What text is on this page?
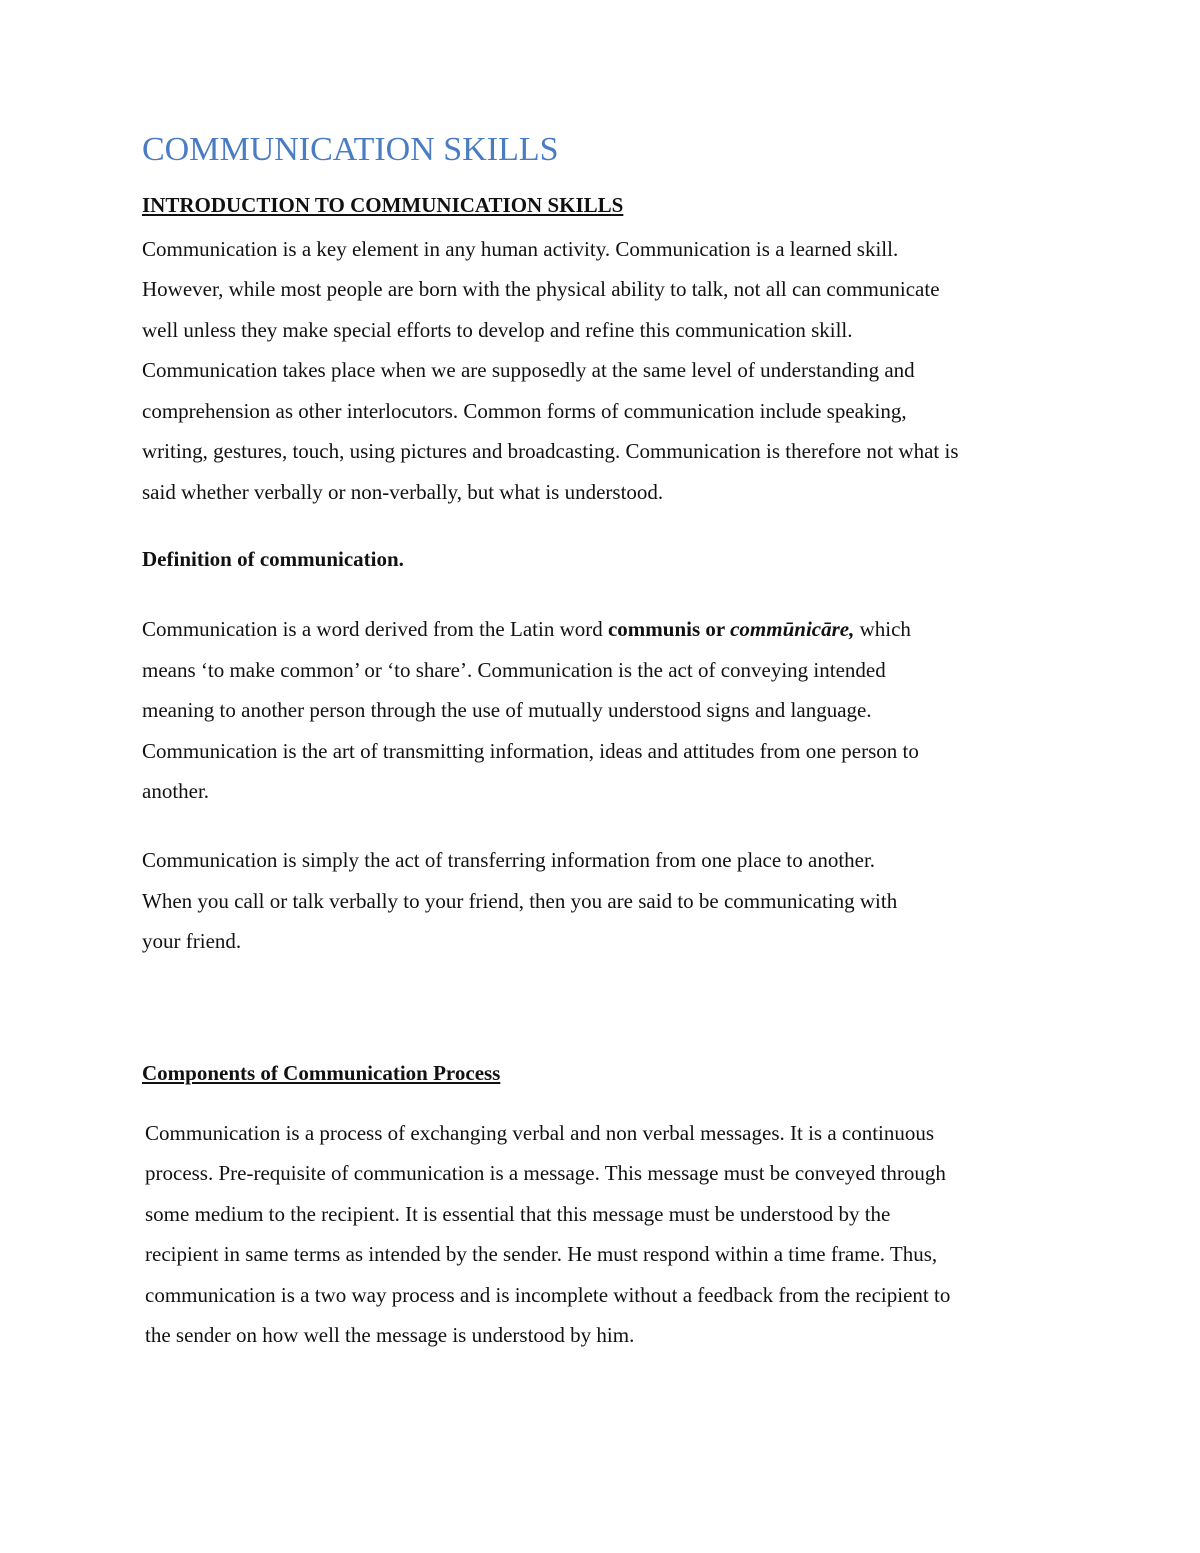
COMMUNICATION SKILLS
INTRODUCTION TO COMMUNICATION SKILLS

Communication is a key element in any human activity. Communication is a learned skill.

However, while most people are born with the physical ability to talk, not all can communicate

well unless they make special efforts to develop and refine this communication skill.

Communication takes place when we are supposedly at the same level of understanding and

comprehension as other interlocutors. Common forms of communication include speaking,

writing, gestures, touch, using pictures and broadcasting. Communication is therefore not what is

said whether verbally or non-verbally, but what is understood.

Definition of communication.

Communication is a word derived from the Latin word communis or commūnicāre, which

means ‘to make common’ or ‘to share’. Communication is the act of conveying intended

meaning to another person through the use of mutually understood signs and language.

Communication is the art of transmitting information, ideas and attitudes from one person to

another.

Communication is simply the act of transferring information from one place to another.

When you call or talk verbally to your friend, then you are said to be communicating with

your friend.

Components of Communication Process

Communication is a process of exchanging verbal and non verbal messages. It is a continuous

process. Pre-requisite of communication is a message. This message must be conveyed through

some medium to the recipient. It is essential that this message must be understood by the

recipient in same terms as intended by the sender. He must respond within a time frame. Thus,

communication is a two way process and is incomplete without a feedback from the recipient to

the sender on how well the message is understood by him.
